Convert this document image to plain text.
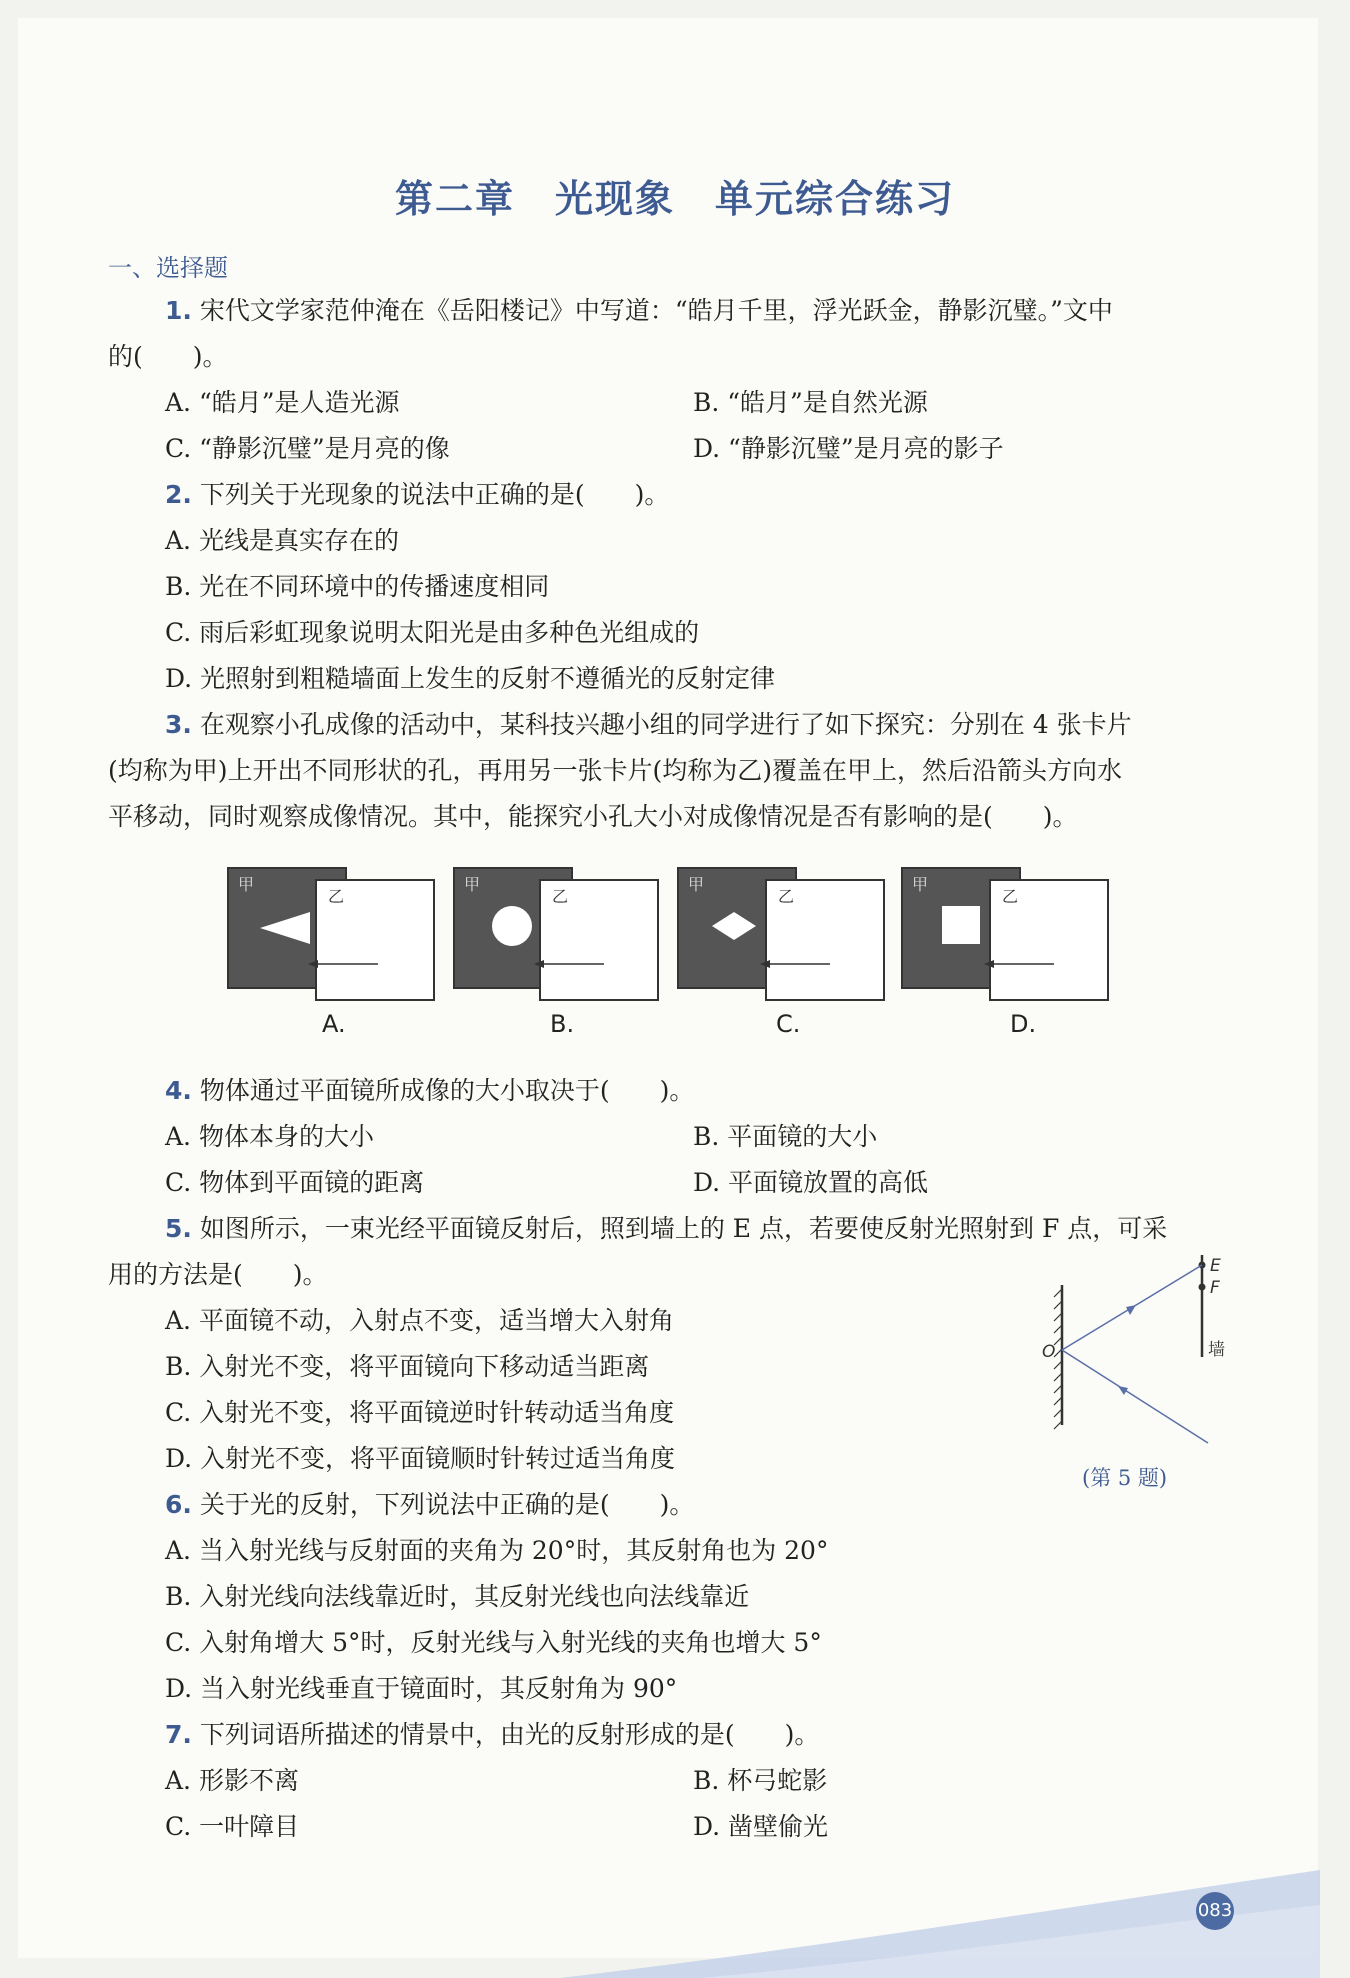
第二章　光现象　单元综合练习
一、选择题
1. 宋代文学家范仲淹在《岳阳楼记》中写道：“皓月千里，浮光跃金，静影沉璧。”文中
的(　　)。
A. “皓月”是人造光源	B. “皓月”是自然光源
C. “静影沉璧”是月亮的像	D. “静影沉璧”是月亮的影子
2. 下列关于光现象的说法中正确的是(　　)。
A. 光线是真实存在的
B. 光在不同环境中的传播速度相同
C. 雨后彩虹现象说明太阳光是由多种色光组成的
D. 光照射到粗糙墙面上发生的反射不遵循光的反射定律
3. 在观察小孔成像的活动中，某科技兴趣小组的同学进行了如下探究：分别在 4 张卡片
(均称为甲)上开出不同形状的孔，再用另一张卡片(均称为乙)覆盖在甲上，然后沿箭头方向水
平移动，同时观察成像情况。其中，能探究小孔大小对成像情况是否有影响的是(　　)。
甲
乙
A.
甲
乙
B.
甲
乙
C.
甲
乙
D.
4. 物体通过平面镜所成像的大小取决于(　　)。
A. 物体本身的大小	B. 平面镜的大小
C. 物体到平面镜的距离	D. 平面镜放置的高低
5. 如图所示，一束光经平面镜反射后，照到墙上的 E 点，若要使反射光照射到 F 点，可采
用的方法是(　　)。
A. 平面镜不动，入射点不变，适当增大入射角
B. 入射光不变，将平面镜向下移动适当距离
C. 入射光不变，将平面镜逆时针转动适当角度
D. 入射光不变，将平面镜顺时针转过适当角度
E
F
墙
O
(第 5 题)
6. 关于光的反射，下列说法中正确的是(　　)。
A. 当入射光线与反射面的夹角为 20°时，其反射角也为 20°
B. 入射光线向法线靠近时，其反射光线也向法线靠近
C. 入射角增大 5°时，反射光线与入射光线的夹角也增大 5°
D. 当入射光线垂直于镜面时，其反射角为 90°
7. 下列词语所描述的情景中，由光的反射形成的是(　　)。
A. 形影不离	B. 杯弓蛇影
C. 一叶障目	D. 凿壁偷光
083
